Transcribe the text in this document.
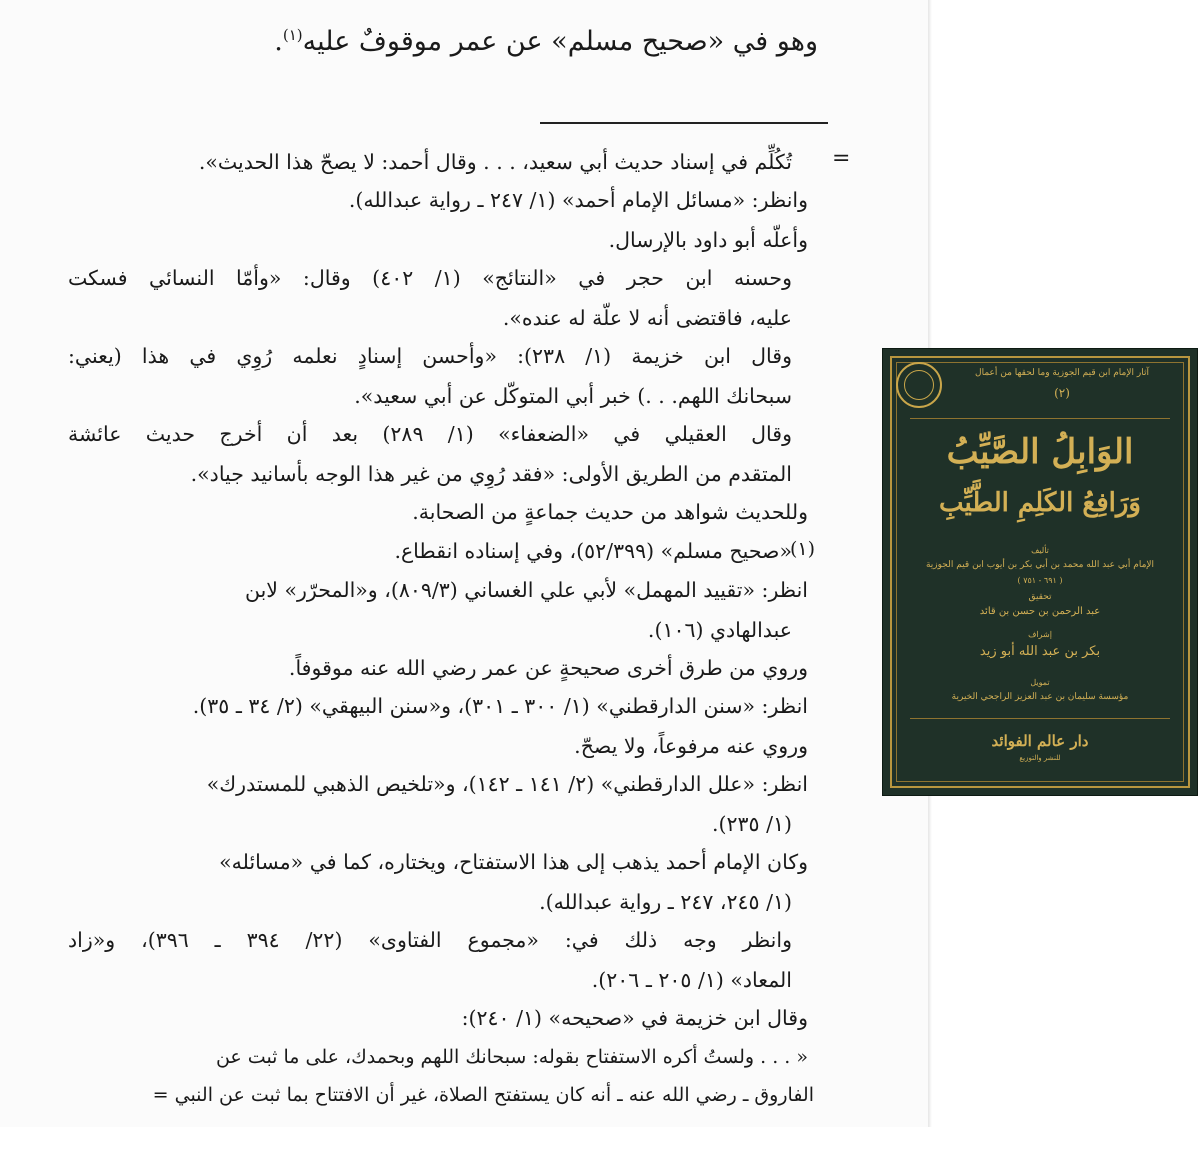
وهو في «صحيح مسلم» عن عمر موقوفٌ عليه$^{(١)}$.
=
(١)
تُكُلِّم في إسناد حديث أبي سعيد، . . . وقال أحمد: لا يصحّ هذا الحديث».
وانظر: «مسائل الإمام أحمد» (١/ ٢٤٧ ـ رواية عبدالله).
وأعلّه أبو داود بالإرسال.
وحسنه ابن حجر في «النتائج» (١/ ٤٠٢) وقال: «وأمّا النسائي فسكت
عليه، فاقتضى أنه لا علّة له عنده».
وقال ابن خزيمة (١/ ٢٣٨): «وأحسن إسنادٍ نعلمه رُوِي في هذا (يعني:
سبحانك اللهم. . .) خبر أبي المتوكّل عن أبي سعيد».
وقال العقيلي في «الضعفاء» (١/ ٢٨٩) بعد أن أخرج حديث عائشة
المتقدم من الطريق الأولى: «فقد رُوِي من غير هذا الوجه بأسانيد جياد».
وللحديث شواهد من حديث جماعةٍ من الصحابة.
«صحيح مسلم» (٥٢/٣٩٩)، وفي إسناده انقطاع.
انظر: «تقييد المهمل» لأبي علي الغساني (٨٠٩/٣)، و«المحرّر» لابن
عبدالهادي (١٠٦).
وروي من طرق أخرى صحيحةٍ عن عمر رضي الله عنه موقوفاً.
انظر: «سنن الدارقطني» (١/ ٣٠٠ ـ ٣٠١)، و«سنن البيهقي» (٢/ ٣٤ ـ ٣٥).
وروي عنه مرفوعاً، ولا يصحّ.
انظر: «علل الدارقطني» (٢/ ١٤١ ـ ١٤٢)، و«تلخيص الذهبي للمستدرك»
(١/ ٢٣٥).
وكان الإمام أحمد يذهب إلى هذا الاستفتاح، ويختاره، كما في «مسائله»
(١/ ٢٤٥، ٢٤٧ ـ رواية عبدالله).
وانظر وجه ذلك في: «مجموع الفتاوى» (٢٢/ ٣٩٤ ـ ٣٩٦)، و«زاد
المعاد» (١/ ٢٠٥ ـ ٢٠٦).
وقال ابن خزيمة في «صحيحه» (١/ ٢٤٠):
« . . . ولستُ أكره الاستفتاح بقوله: سبحانك اللهم وبحمدك، على ما ثبت عن
الفاروق ـ رضي الله عنه ـ أنه كان يستفتح الصلاة، غير أن الافتتاح بما ثبت عن النبي =
آثار الإمام ابن قيم الجوزية وما لحقها من أعمال
(٢)
الوَابِلُ الصَّيِّبُ
وَرَافِعُ الكَلِمِ الطَّيِّبِ
تأليف
الإمام أبي عبد الله محمد بن أبي بكر بن أيوب ابن قيم الجوزية
( ٦٩١ - ٧٥١ )
تحقيق
عبد الرحمن بن حسن بن قائد
إشراف
بكر بن عبد الله أبو زيد
تمويل
مؤسسة سليمان بن عبد العزيز الراجحي الخيرية
دار عالم الفوائد
للنشر والتوزيع
